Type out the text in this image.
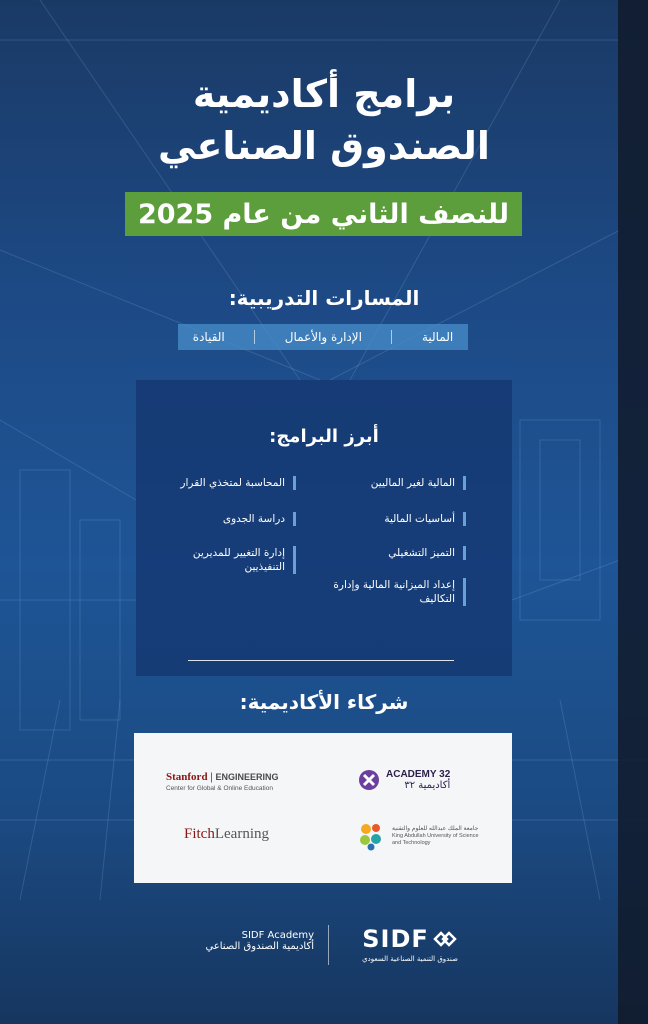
برامج أكاديمية
الصندوق الصناعي
للنصف الثاني من عام 2025
المسارات التدريبية:
المالية
الإدارة والأعمال
القيادة
أبرز البرامج:
المالية لغير الماليين
أساسيات المالية
التميز التشغيلي
إعداد الميزانية المالية وإدارة التكاليف
المحاسبة لمتخذي القرار
دراسة الجدوى
إدارة التغيير للمديرين التنفيذيين
شركاء الأكاديمية:
Stanford | ENGINEERING
Center for Global & Online Education
FitchLearning
ACADEMY 32
أكاديمية ٣٢
جامعة الملك عبدالله للعلوم والتقنية
King Abdullah University of Science and Technology
SIDF Academy
أكاديمية الصندوق الصناعي SIDF
صندوق التنمية الصناعية السعودي
